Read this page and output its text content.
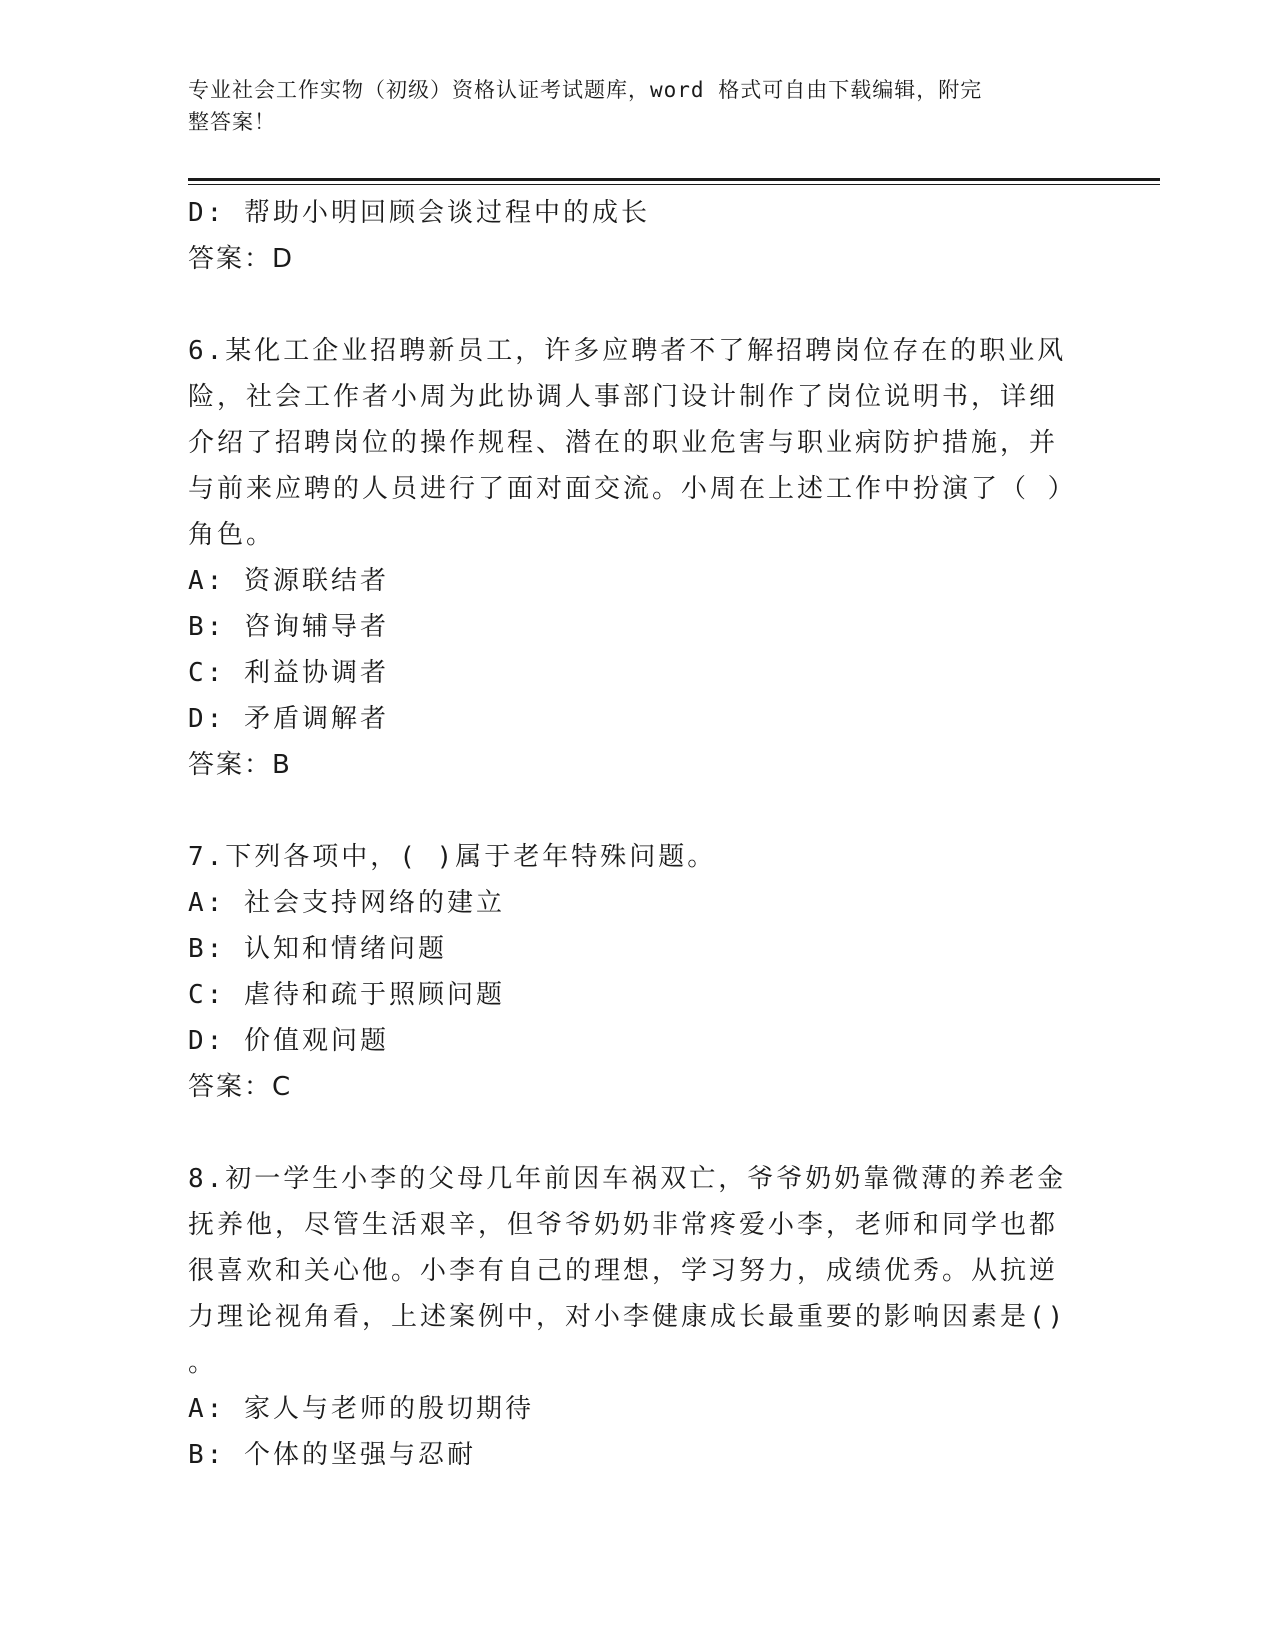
专业社会工作实物（初级）资格认证考试题库，word 格式可自由下载编辑，附完
整答案！
D: 帮助小明回顾会谈过程中的成长
答案：D
6.某化工企业招聘新员工，许多应聘者不了解招聘岗位存在的职业风
险，社会工作者小周为此协调人事部门设计制作了岗位说明书，详细
介绍了招聘岗位的操作规程、潜在的职业危害与职业病防护措施，并
与前来应聘的人员进行了面对面交流。小周在上述工作中扮演了（ ）
角色。
A: 资源联结者
B: 咨询辅导者
C: 利益协调者
D: 矛盾调解者
答案：B
7.下列各项中，( )属于老年特殊问题。
A: 社会支持网络的建立
B: 认知和情绪问题
C: 虐待和疏于照顾问题
D: 价值观问题
答案：C
8.初一学生小李的父母几年前因车祸双亡，爷爷奶奶靠微薄的养老金
抚养他，尽管生活艰辛，但爷爷奶奶非常疼爱小李，老师和同学也都
很喜欢和关心他。小李有自己的理想，学习努力，成绩优秀。从抗逆
力理论视角看，上述案例中，对小李健康成长最重要的影响因素是()
。
A: 家人与老师的殷切期待
B: 个体的坚强与忍耐
